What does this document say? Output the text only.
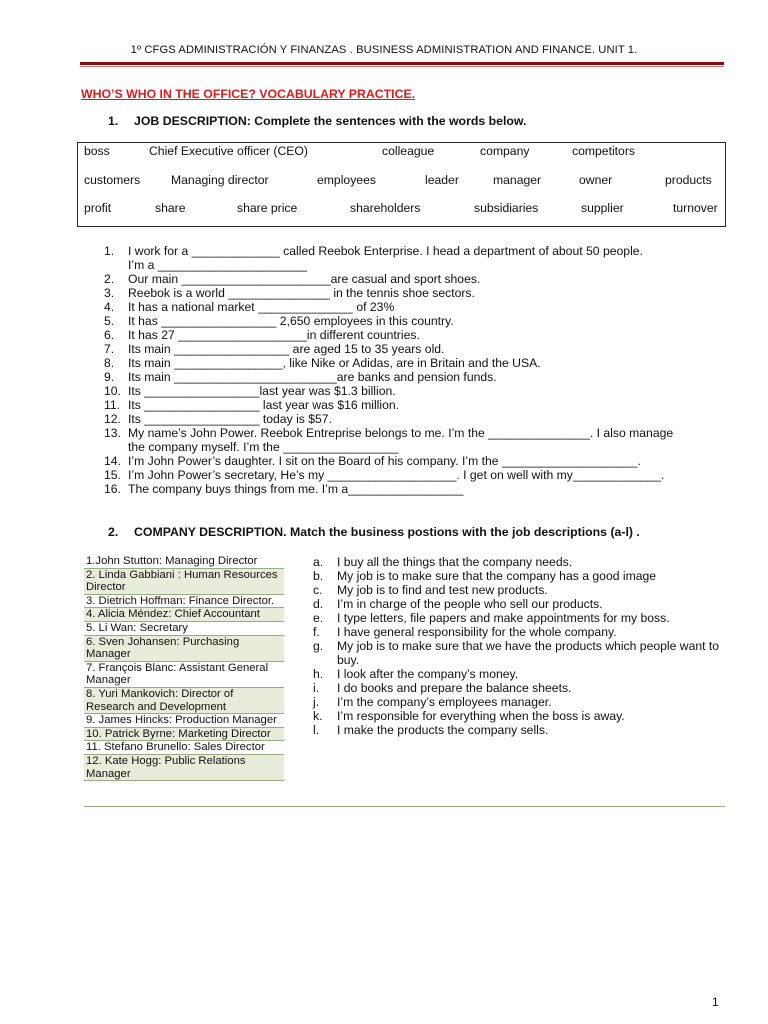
1º CFGS ADMINISTRACIÓN Y FINANZAS . BUSINESS ADMINISTRATION AND FINANCE. UNIT 1.
WHO’S WHO IN THE OFFICE? VOCABULARY PRACTICE.
1. JOB DESCRIPTION: Complete the sentences with the words below.
boss	Chief Executive officer (CEO)	colleague	company	competitors
customers	Managing director	employees	leader	manager	owner	products
profit	share	share price	shareholders	subsidiaries	supplier	turnover
1. I work for a _____________ called Reebok Enterprise. I head a department of about 50 people.
I’m a ______________________
2. Our main ______________________are casual and sport shoes.
3. Reebok is a world _______________ in the tennis shoe sectors.
4. It has a national market ______________ of 23%
5. It has _________________ 2,650 employees in this country.
6. It has 27 ___________________in different countries.
7. Its main _________________ are aged 15 to 35 years old.
8. Its main ________________, like Nike or Adidas, are in Britain and the USA.
9. Its main ________________________are banks and pension funds.
10. Its _________________last year was $1.3 billion.
11. Its _________________ last year was $16 million.
12. Its _________________ today is $57.
13. My name’s John Power. Reebok Entreprise belongs to me. I’m the _______________. I also manage
the company myself. I’m the _________________
14. I’m John Power’s daughter. I sit on the Board of his company. I’m the ____________________.
15. I’m John Power’s secretary, He’s my ___________________. I get on well with my_____________.
16. The company buys things from me. I’m a_________________
2. COMPANY DESCRIPTION. Match the business postions with the job descriptions (a-l) .
1.John Stutton: Managing Director
2. Linda Gabbiani : Human Resources Director
3. Dietrich Hoffman: Finance Director.
4. Alicia Méndez: Chief Accountant
5. Li Wan: Secretary
6. Sven Johansen: Purchasing Manager
7. François Blanc: Assistant General Manager
8. Yuri Mankovich: Director of Research and Development
9. James Hincks: Production Manager
10. Patrick Byrne: Marketing Director
11. Stefano Brunello: Sales Director
12. Kate Hogg: Public Relations Manager
a. I buy all the things that the company needs.
b. My job is to make sure that the company has a good image
c. My job is to find and test new products.
d. I’m in charge of the people who sell our products.
e. I type letters, file papers and make appointments for my boss.
f. I have general responsibility for the whole company.
g. My job is to make sure that we have the products which people want to buy.
h. I look after the company’s money.
i. I do books and prepare the balance sheets.
j. I’m the company’s employees manager.
k. I’m responsible for everything when the boss is away.
l. I make the products the company sells.
1
